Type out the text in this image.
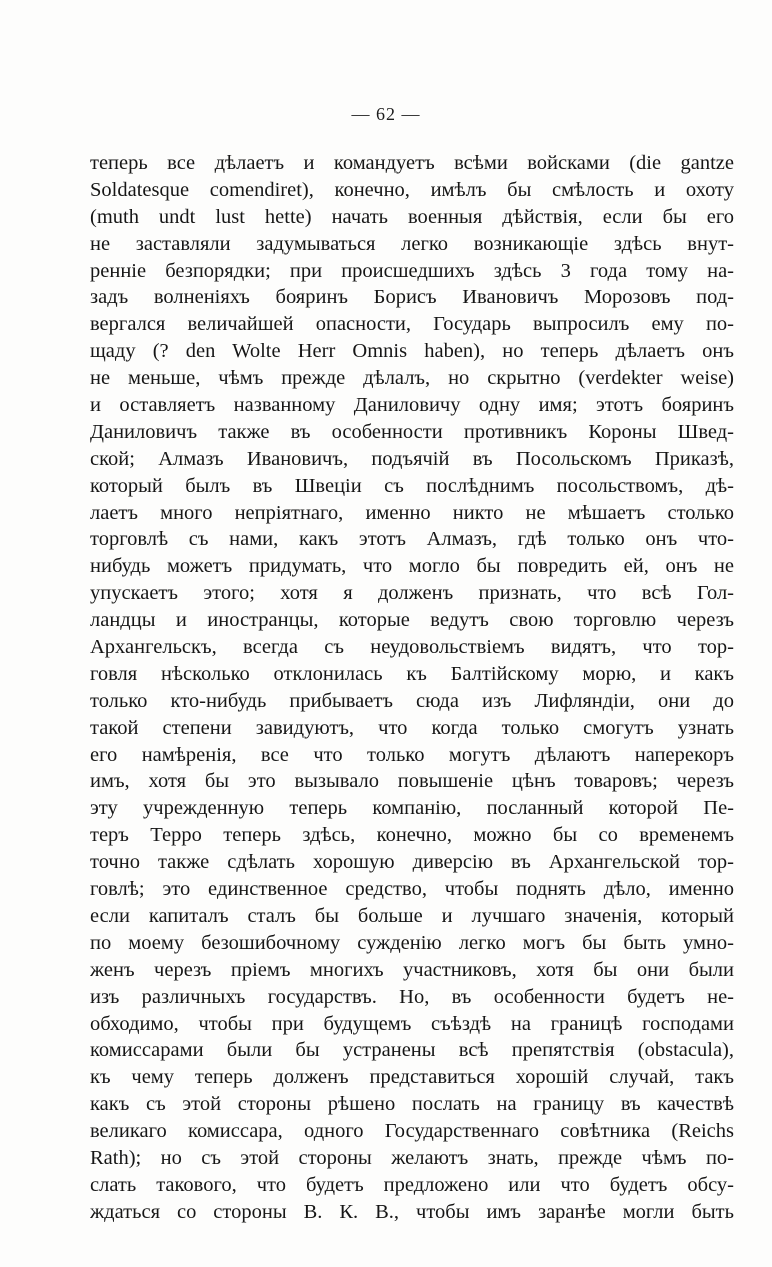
— 62 —
теперь все дѣлаетъ и командуетъ всѣми войсками (die gantze
Soldatesque comendiret), конечно, имѣлъ бы смѣлость и охоту
(muth undt lust hette) начать военныя дѣйствія, если бы его
не заставляли задумываться легко возникающіе здѣсь внут-
ренніе безпорядки; при происшедшихъ здѣсь 3 года тому на-
задъ волненіяхъ бояринъ Борисъ Ивановичъ Морозовъ под-
вергался величайшей опасности, Государь выпросилъ ему по-
щаду (? den Wolte Herr Omnis haben), но теперь дѣлаетъ онъ
не меньше, чѣмъ прежде дѣлалъ, но скрытно (verdekter weise)
и оставляетъ названному Даниловичу одну имя; этотъ бояринъ
Даниловичъ также въ особенности противникъ Короны Швед-
ской; Алмазъ Ивановичъ, подъячій въ Посольскомъ Приказѣ,
который былъ въ Швеціи съ послѣднимъ посольствомъ, дѣ-
лаетъ много непріятнаго, именно никто не мѣшаетъ столько
торговлѣ съ нами, какъ этотъ Алмазъ, гдѣ только онъ что-
нибудь можетъ придумать, что могло бы повредить ей, онъ не
упускаетъ этого; хотя я долженъ признать, что всѣ Гол-
ландцы и иностранцы, которые ведутъ свою торговлю черезъ
Архангельскъ, всегда съ неудовольствіемъ видятъ, что тор-
говля нѣсколько отклонилась къ Балтійскому морю, и какъ
только кто-нибудь прибываетъ сюда изъ Лифляндіи, они до
такой степени завидуютъ, что когда только смогутъ узнать
его намѣренія, все что только могутъ дѣлаютъ наперекоръ
имъ, хотя бы это вызывало повышеніе цѣнъ товаровъ; черезъ
эту учрежденную теперь компанію, посланный которой Пе-
теръ Терро теперь здѣсь, конечно, можно бы со временемъ
точно также сдѣлать хорошую диверсію въ Архангельской тор-
говлѣ; это единственное средство, чтобы поднять дѣло, именно
если капиталъ сталъ бы больше и лучшаго значенія, который
по моему безошибочному сужденію легко могъ бы быть умно-
женъ черезъ пріемъ многихъ участниковъ, хотя бы они были
изъ различныхъ государствъ. Но, въ особенности будетъ не-
обходимо, чтобы при будущемъ съѣздѣ на границѣ господами
комиссарами были бы устранены всѣ препятствія (obstacula),
къ чему теперь долженъ представиться хорошій случай, такъ
какъ съ этой стороны рѣшено послать на границу въ качествѣ
великаго комиссара, одного Государственнаго совѣтника (Reichs
Rath); но съ этой стороны желаютъ знать, прежде чѣмъ по-
слать такового, что будетъ предложено или что будетъ обсу-
ждаться со стороны В. К. В., чтобы имъ заранѣе могли быть
